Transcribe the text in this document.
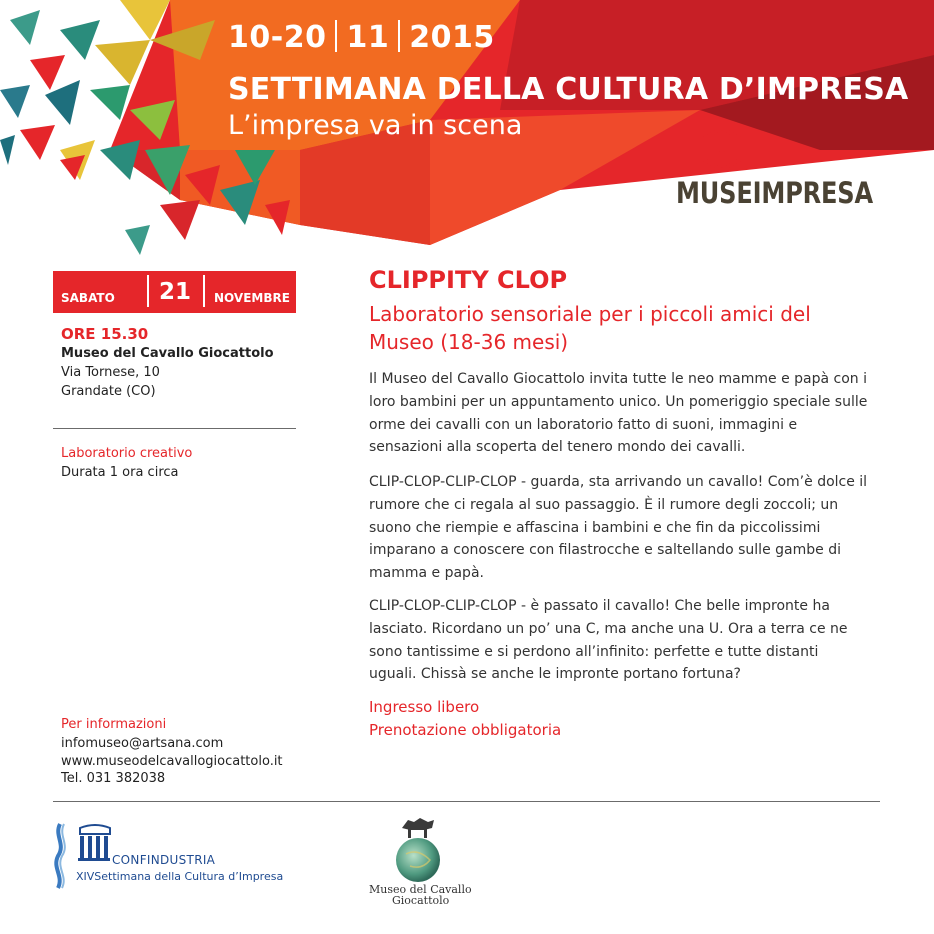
10-20 11 2015
SETTIMANA DELLA CULTURA D’IMPRESA
L’impresa va in scena
MUSEIMPRESA
SABATO 21 NOVEMBRE
ORE 15.30
Museo del Cavallo Giocattolo
Via Tornese, 10
Grandate (CO)
Laboratorio creativo
Durata 1 ora circa
Per informazioni
infomuseo@artsana.com
www.museodelcavallogiocattolo.it
Tel. 031 382038
CLIPPITY CLOP
Laboratorio sensoriale per i piccoli amici del Museo (18-36 mesi)

Il Museo del Cavallo Giocattolo invita tutte le neo mamme e papà con i loro bambini per un appuntamento unico. Un pomeriggio speciale sulle orme dei cavalli con un laboratorio fatto di suoni, immagini e sensazioni alla scoperta del tenero mondo dei cavalli.

CLIP-CLOP-CLIP-CLOP - guarda, sta arrivando un cavallo! Com’è dolce il rumore che ci regala al suo passaggio. È il rumore degli zoccoli; un suono che riempie e affascina i bambini e che fin da piccolissimi imparano a conoscere con filastrocche e saltellando sulle gambe di mamma e papà.

CLIP-CLOP-CLIP-CLOP - è passato il cavallo! Che belle impronte ha lasciato. Ricordano un po’ una C, ma anche una U. Ora a terra ce ne sono tantissime e si perdono all’infinito: perfette e tutte distanti uguali. Chissà se anche le impronte portano fortuna?

Ingresso libero
Prenotazione obbligatoria
CONFINDUSTRIA
XIVSettimana della Cultura d’Impresa
Museo del Cavallo
Giocattolo
